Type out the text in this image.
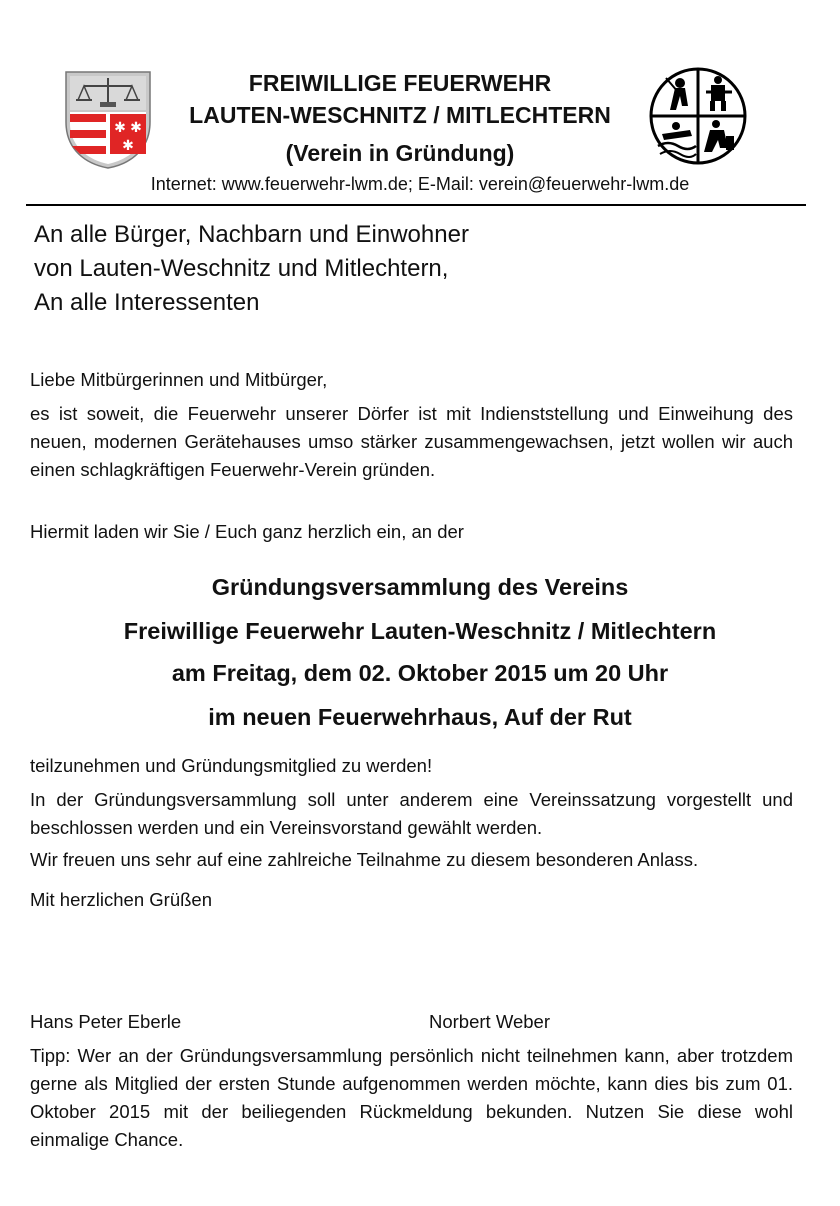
✱ ✱
✱
FREIWILLIGE FEUERWEHR
LAUTEN-WESCHNITZ / MITLECHTERN
(Verein in Gründung)
Internet: www.feuerwehr-lwm.de; E-Mail: verein@feuerwehr-lwm.de
An alle Bürger, Nachbarn und Einwohner
von Lauten-Weschnitz und Mitlechtern,
An alle Interessenten
Liebe Mitbürgerinnen und Mitbürger,
es ist soweit, die Feuerwehr unserer Dörfer ist mit Indienststellung und Einweihung des neuen, modernen Gerätehauses umso stärker zusammengewachsen, jetzt wollen wir auch einen schlagkräftigen Feuerwehr-Verein gründen.
Hiermit laden wir Sie / Euch ganz herzlich ein, an der
Gründungsversammlung des Vereins
Freiwillige Feuerwehr Lauten-Weschnitz / Mitlechtern
am Freitag, dem 02. Oktober 2015 um 20 Uhr
im neuen Feuerwehrhaus, Auf der Rut
teilzunehmen und Gründungsmitglied zu werden!
In der Gründungsversammlung soll unter anderem eine Vereinssatzung vorgestellt und beschlossen werden und ein Vereinsvorstand gewählt werden.
Wir freuen uns sehr auf eine zahlreiche Teilnahme zu diesem besonderen Anlass.
Mit herzlichen Grüßen
Hans Peter Eberle	Norbert Weber
Tipp: Wer an der Gründungsversammlung persönlich nicht teilnehmen kann, aber trotzdem gerne als Mitglied der ersten Stunde aufgenommen werden möchte, kann dies bis zum 01. Oktober 2015 mit der beiliegenden Rückmeldung bekunden. Nutzen Sie diese wohl einmalige Chance.
